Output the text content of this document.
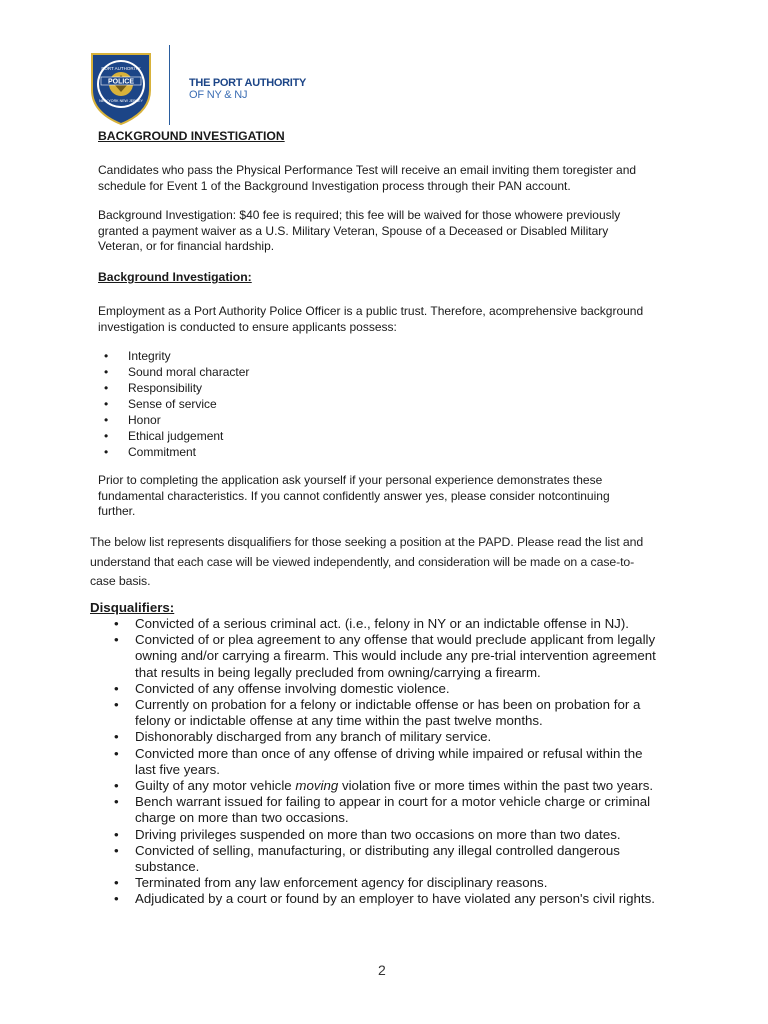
PORT AUTHORITY
POLICE
NEW YORK NEW JERSEY
THE PORT AUTHORITY
OF NY & NJ

BACKGROUND INVESTIGATION

Candidates who pass the Physical Performance Test will receive an email inviting them toregister and
schedule for Event 1 of the Background Investigation process through their PAN account.

Background Investigation: $40 fee is required; this fee will be waived for those whowere previously
granted a payment waiver as a U.S. Military Veteran, Spouse of a Deceased or Disabled Military
Veteran, or for financial hardship.

Background Investigation:

Employment as a Port Authority Police Officer is a public trust. Therefore, acomprehensive background
investigation is conducted to ensure applicants possess:

• Integrity
• Sound moral character
• Responsibility
• Sense of service
• Honor
• Ethical judgement
• Commitment

Prior to completing the application ask yourself if your personal experience demonstrates these
fundamental characteristics. If you cannot confidently answer yes, please consider notcontinuing
further.

The below list represents disqualifiers for those seeking a position at the PAPD. Please read the list and
understand that each case will be viewed independently, and consideration will be made on a case-to-
case basis.

Disqualifiers:

• Convicted of a serious criminal act. (i.e., felony in NY or an indictable offense in NJ).
• Convicted of or plea agreement to any offense that would preclude applicant from legally
owning and/or carrying a firearm. This would include any pre-trial intervention agreement
that results in being legally precluded from owning/carrying a firearm.
• Convicted of any offense involving domestic violence.
• Currently on probation for a felony or indictable offense or has been on probation for a
felony or indictable offense at any time within the past twelve months.
• Dishonorably discharged from any branch of military service.
• Convicted more than once of any offense of driving while impaired or refusal within the
last five years.
• Guilty of any motor vehicle moving violation five or more times within the past two years.
• Bench warrant issued for failing to appear in court for a motor vehicle charge or criminal
charge on more than two occasions.
• Driving privileges suspended on more than two occasions on more than two dates.
• Convicted of selling, manufacturing, or distributing any illegal controlled dangerous
substance.
• Terminated from any law enforcement agency for disciplinary reasons.
• Adjudicated by a court or found by an employer to have violated any person's civil rights.
2
